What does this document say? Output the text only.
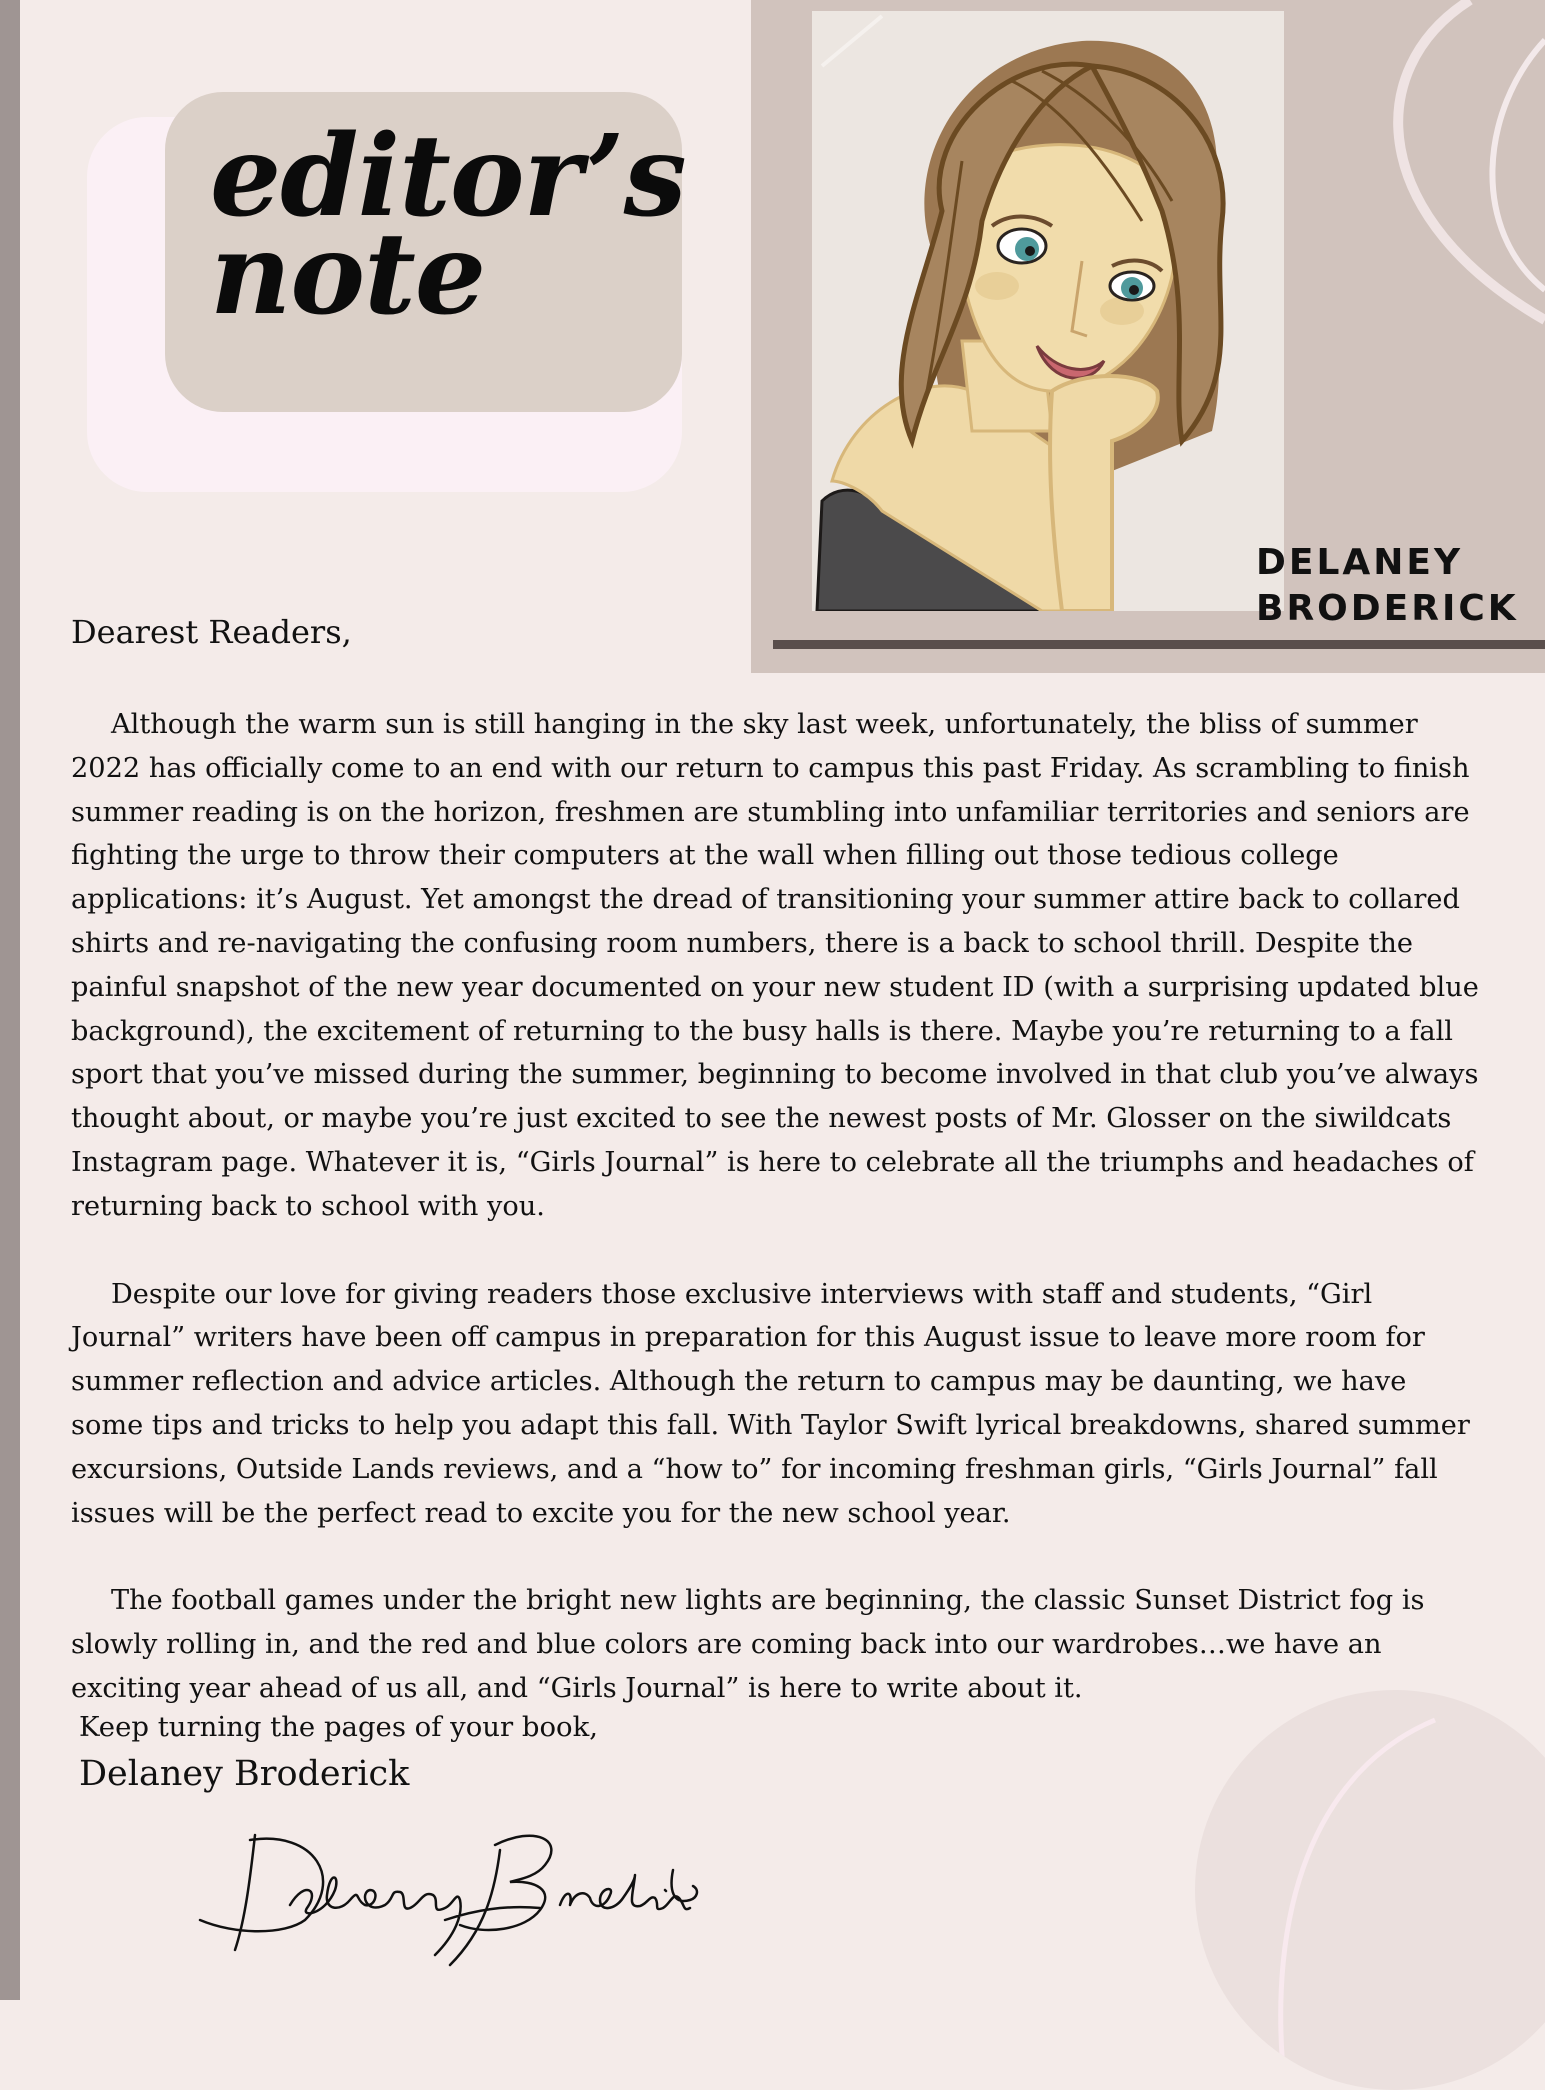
editor’s
note
DELANEY
BRODERICK

Dearest Readers,

Although the warm sun is still hanging in the sky last week, unfortunately, the bliss of summer 2022 has officially come to an end with our return to campus this past Friday. As scrambling to finish summer reading is on the horizon, freshmen are stumbling into unfamiliar territories and seniors are fighting the urge to throw their computers at the wall when filling out those tedious college applications: it’s August. Yet amongst the dread of transitioning your summer attire back to collared shirts and re-navigating the confusing room numbers, there is a back to school thrill. Despite the painful snapshot of the new year documented on your new student ID (with a surprising updated blue background), the excitement of returning to the busy halls is there. Maybe you’re returning to a fall sport that you’ve missed during the summer, beginning to become involved in that club you’ve always thought about, or maybe you’re just excited to see the newest posts of Mr. Glosser on the siwildcats Instagram page. Whatever it is, “Girls Journal” is here to celebrate all the triumphs and headaches of returning back to school with you.

Despite our love for giving readers those exclusive interviews with staff and students, “Girl Journal” writers have been off campus in preparation for this August issue to leave more room for summer reflection and advice articles. Although the return to campus may be daunting, we have some tips and tricks to help you adapt this fall. With Taylor Swift lyrical breakdowns, shared summer excursions, Outside Lands reviews, and a “how to” for incoming freshman girls, “Girls Journal” fall issues will be the perfect read to excite you for the new school year.

The football games under the bright new lights are beginning, the classic Sunset District fog is slowly rolling in, and the red and blue colors are coming back into our wardrobes…we have an exciting year ahead of us all, and “Girls Journal” is here to write about it.

Keep turning the pages of your book,

Delaney Broderick
